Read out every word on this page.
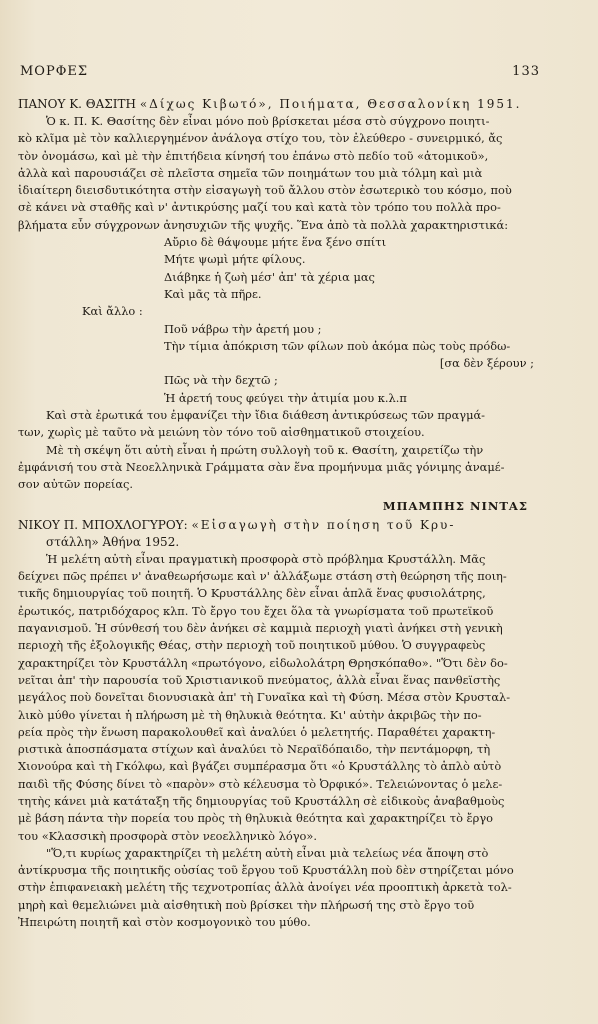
ΜΟΡΦΕΣ	133

ΠΑΝΟΥ Κ. ΘΑΣΙΤΗ «Δίχως Κιβωτό», Ποιήματα, Θεσσαλονίκη 1951.

Ὁ κ. Π. Κ. Θασίτης δὲν εἶναι μόνο ποὺ βρίσκεται μέσα στὸ σύγχρονο ποιητι-

κὸ κλῖμα μὲ τὸν καλλιεργημένον ἀνάλογα στίχο του, τὸν ἐλεύθερο - συνειρμικό, ἄς

τὸν ὀνομάσω, καὶ μὲ τὴν ἐπιτήδεια κίνησή του ἐπάνω στὸ πεδίο τοῦ «ἀτομικοῦ»,

ἀλλὰ καὶ παρουσιάζει σὲ πλεῖστα σημεῖα τῶν ποιημάτων του μιὰ τόλμη καὶ μιὰ

ἰδιαίτερη διεισδυτικότητα στὴν εἰσαγωγὴ τοῦ ἄλλου στὸν ἐσωτερικὸ του κόσμο, ποὺ

σὲ κάνει νὰ σταθῆς καὶ ν' ἀντικρύσης μαζί του καὶ κατὰ τὸν τρόπο του πολλὰ προ-

βλήματα εὖν σύγχρονων ἀνησυχιῶν τῆς ψυχῆς. Ἕνα ἀπὸ τὰ πολλὰ χαρακτηριστικά:

Αὔριο δὲ θάψουμε μήτε ἕνα ξένο σπίτι

Μήτε ψωμὶ μήτε φίλους.

Διάβηκε ἡ ζωὴ μέσ' ἀπ' τὰ χέρια μας

Καὶ μᾶς τὰ πῆρε.

Καὶ ἄλλο :

Ποῦ νάβρω τὴν ἀρετή μου ;

Τὴν τίμια ἀπόκριση τῶν φίλων ποὺ ἀκόμα πὼς τοὺς πρόδω-

[σα δὲν ξέρουν ;

Πῶς νὰ τὴν δεχτῶ ;

Ἡ ἀρετή τους φεύγει τὴν ἀτιμία μου κ.λ.π

Καὶ στὰ ἐρωτικά του ἐμφανίζει τὴν ἴδια διάθεση ἀντικρύσεως τῶν πραγμά-

των, χωρὶς μὲ ταῦτο νὰ μειώνη τὸν τόνο τοῦ αἰσθηματικοῦ στοιχείου.

Μὲ τὴ σκέψη ὅτι αὐτὴ εἶναι ἡ πρώτη συλλογὴ τοῦ κ. Θασίτη, χαιρετίζω τὴν

ἐμφάνισή του στὰ Νεοελληνικὰ Γράμματα σὰν ἕνα προμήνυμα μιᾶς γόνιμης ἀναμέ-

σον αὐτῶν πορείας.

ΜΠΑΜΠΗΣ ΝΙΝΤΑΣ

ΝΙΚΟΥ Π. ΜΠΟΧΛΟΓΥΡΟΥ: «Εἰσαγωγὴ στὴν ποίηση τοῦ Κρυ-

στάλλη» Ἀθήνα 1952.

Ἡ μελέτη αὐτὴ εἶναι πραγματικὴ προσφορὰ στὸ πρόβλημα Κρυστάλλη. Μᾶς

δείχνει πῶς πρέπει ν' ἀναθεωρήσωμε καὶ ν' ἀλλάξωμε στάση στὴ θεώρηση τῆς ποιη-

τικῆς δημιουργίας τοῦ ποιητῆ. Ὁ Κρυστάλλης δὲν εἶναι ἁπλᾶ ἕνας φυσιολάτρης,

ἐρωτικός, πατριδόχαρος κλπ. Τὸ ἔργο του ἔχει ὅλα τὰ γνωρίσματα τοῦ πρωτεϊκοῦ

παγανισμοῦ. Ἡ σύνθεσή του δὲν ἀνήκει σὲ καμμιὰ περιοχὴ γιατὶ ἀνήκει στὴ γενικὴ

περιοχὴ τῆς ἐξολογικῆς Θέας, στὴν περιοχὴ τοῦ ποιητικοῦ μύθου. Ὁ συγγραφεὺς

χαρακτηρίζει τὸν Κρυστάλλη «πρωτόγονο, εἰδωλολάτρη Θρησκόπαθο». "Ὅτι δὲν δο-

νεῖται ἀπ' τὴν παρουσία τοῦ Χριστιανικοῦ πνεύματος, ἀλλὰ εἶναι ἕνας πανθεϊστὴς

μεγάλος ποὺ δονεῖται διονυσιακὰ ἀπ' τὴ Γυναῖκα καὶ τὴ Φύση. Μέσα στὸν Κρυσταλ-

λικὸ μύθο γίνεται ἡ πλήρωση μὲ τὴ θηλυκιὰ θεότητα. Κι' αὐτὴν ἀκριβῶς τὴν πο-

ρεία πρὸς τὴν ἕνωση παρακολουθεῖ καὶ ἀναλύει ὁ μελετητής. Παραθέτει χαρακτη-

ριστικὰ ἀποσπάσματα στίχων καὶ ἀναλύει τὸ Νεραϊδόπαιδο, τὴν πεντάμορφη, τὴ

Χιονούρα καὶ τὴ Γκόλφω, καὶ βγάζει συμπέρασμα ὅτι «ὁ Κρυστάλλης τὸ ἁπλὸ αὐτὸ

παιδὶ τῆς Φύσης δίνει τὸ «παρὸν» στὸ κέλευσμα τὸ Ὀρφικό». Τελειώνοντας ὁ μελε-

τητὴς κάνει μιὰ κατάταξη τῆς δημιουργίας τοῦ Κρυστάλλη σὲ εἰδικοὺς ἀναβαθμοὺς

μὲ βάση πάντα τὴν πορεία του πρὸς τὴ θηλυκιὰ θεότητα καὶ χαρακτηρίζει τὸ ἔργο

του «Κλασσικὴ προσφορὰ στὸν νεοελληνικὸ λόγο».

"Ὅ,τι κυρίως χαρακτηρίζει τὴ μελέτη αὐτὴ εἶναι μιὰ τελείως νέα ἄποψη στὸ

ἀντίκρυσμα τῆς ποιητικῆς οὐσίας τοῦ ἔργου τοῦ Κρυστάλλη ποὺ δὲν στηρίζεται μόνο

στὴν ἐπιφανειακὴ μελέτη τῆς τεχνοτροπίας ἀλλὰ ἀνοίγει νέα προοπτικὴ ἀρκετὰ τολ-

μηρὴ καὶ θεμελιώνει μιὰ αἰσθητικὴ ποὺ βρίσκει τὴν πλήρωσή της στὸ ἔργο τοῦ

Ἠπειρώτη ποιητῆ καὶ στὸν κοσμογονικὸ του μύθο.
